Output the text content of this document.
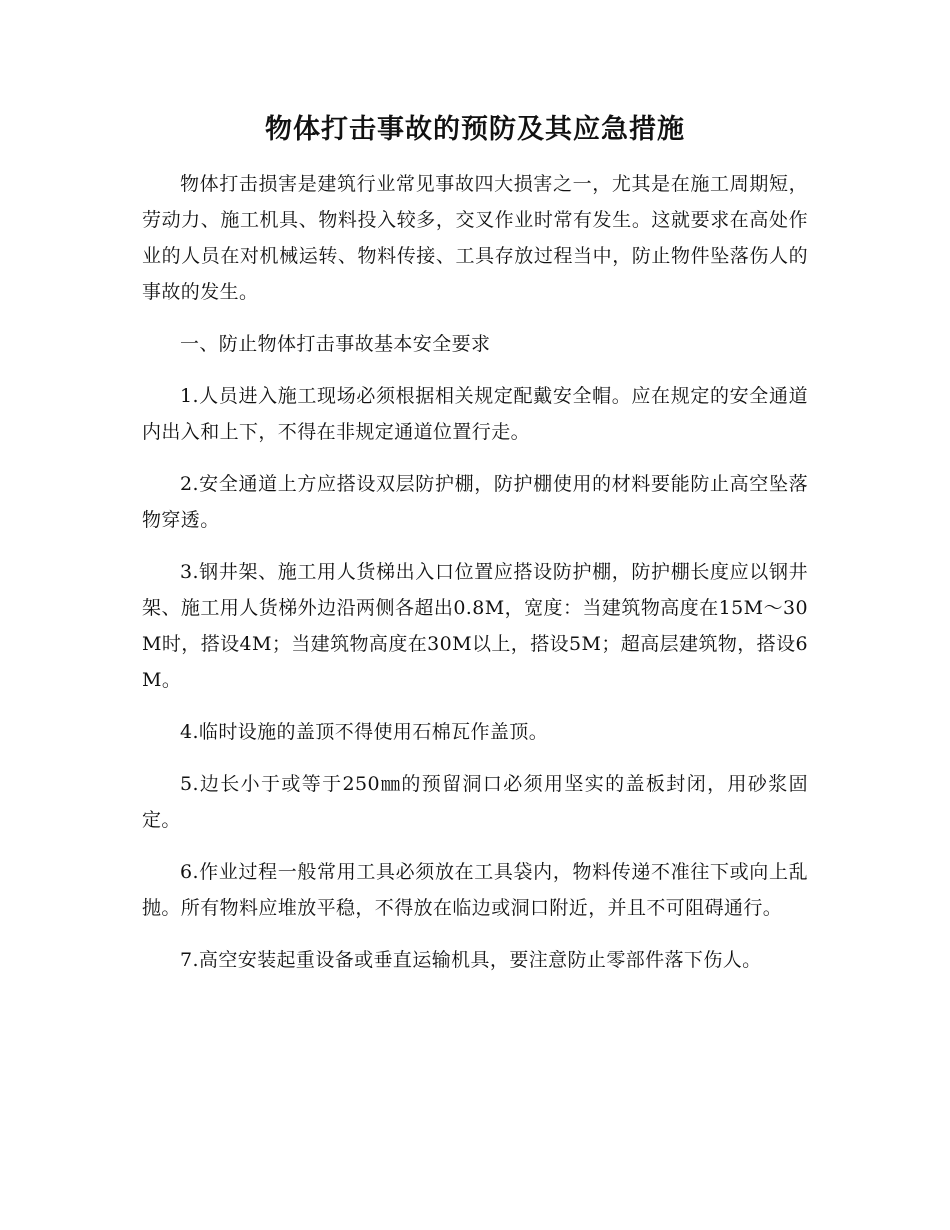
物体打击事故的预防及其应急措施

物体打击损害是建筑行业常见事故四大损害之一，尤其是在施工周期短，劳动力、施工机具、物料投入较多，交叉作业时常有发生。这就要求在高处作业的人员在对机械运转、物料传接、工具存放过程当中，防止物件坠落伤人的事故的发生。

一、防止物体打击事故基本安全要求

1.人员进入施工现场必须根据相关规定配戴安全帽。应在规定的安全通道内出入和上下，不得在非规定通道位置行走。

2.安全通道上方应搭设双层防护棚，防护棚使用的材料要能防止高空坠落物穿透。

3.钢井架、施工用人货梯出入口位置应搭设防护棚，防护棚长度应以钢井架、施工用人货梯外边沿两侧各超出0.8M，宽度：当建筑物高度在15M～30M时，搭设4M；当建筑物高度在30M以上，搭设5M；超高层建筑物，搭设6M。

4.临时设施的盖顶不得使用石棉瓦作盖顶。

5.边长小于或等于250㎜的预留洞口必须用坚实的盖板封闭，用砂浆固定。

6.作业过程一般常用工具必须放在工具袋内，物料传递不准往下或向上乱抛。所有物料应堆放平稳，不得放在临边或洞口附近，并且不可阻碍通行。

7.高空安装起重设备或垂直运输机具，要注意防止零部件落下伤人。
